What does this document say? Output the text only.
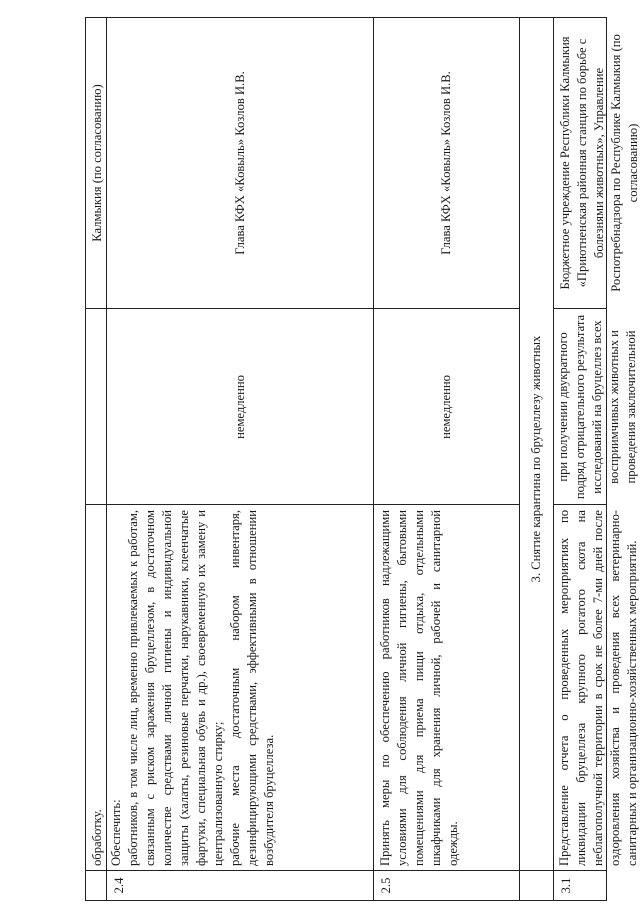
обработку.
Калмыкия (по согласованию)
2.4
Обеспечить: работников, в том числе лиц, временно привлекаемых к работам, связанным с риском заражения бруцеллезом, в достаточном количестве средствами личной гигиены и индивидуальной защиты (халаты, резиновые перчатки, нарукавники, клеенчатые фартуки, специальная обувь и др.), своевременную их замену и централизованную стирку; рабочие места достаточным набором инвентаря, дезинфицирующими средствами, эффективными в отношении возбудителя бруцеллеза.
немедленно
Глава КФХ «Ковыль» Козлов И.В.
2.5
Принять меры по обеспечению работников надлежащими условиями для соблюдения личной гигиены, бытовыми помещениями для приема пищи отдыха, отдельными шкафчиками для хранения личной, рабочей и санитарной одежды.
немедленно
Глава КФХ «Ковыль» Козлов И.В.
3. Снятие карантина по бруцеллезу животных
3.1
Представление отчета о проведенных мероприятиях по ликвидации бруцеллеза крупного рогатого скота на неблагополучной территории в срок не более 7-ми дней после оздоровления хозяйства и проведения всех ветеринарно-санитарных и организационно-хозяйственных мероприятий.
при получении двукратного подряд отрицательного результата исследований на бруцеллез всех восприимчивых животных и проведения заключительной
Бюджетное учреждение Республики Калмыкия «Приютненская районная станция по борьбе с болезнями животных», Управление Роспотребнадзора по Республике Калмыкия (по согласованию)
